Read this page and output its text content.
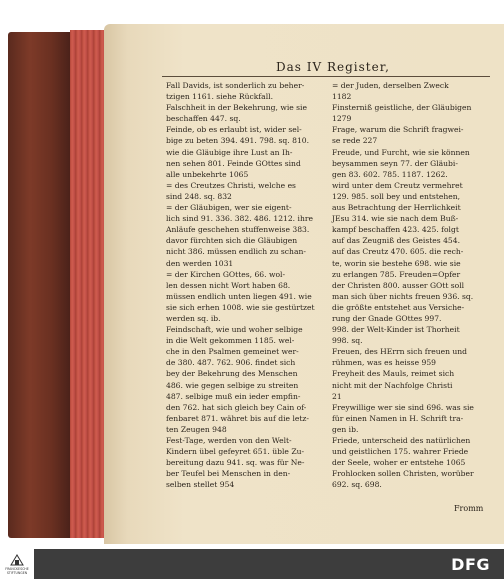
Das IV Register,

Fall Davids, ist sonderlich zu beher-

tzigen 1161. siehe Rückfall.

Falschheit in der Bekehrung, wie sie

beschaffen 447. sq.

Feinde, ob es erlaubt ist, wider sel-

bige zu beten 394. 491. 798. sq. 810.

wie die Gläubige ihre Lust an Ih-

nen sehen 801. Feinde GOttes sind

alle unbekehrte 1065

= des Creutzes Christi, welche es

sind 248. sq. 832

= der Gläubigen, wer sie eigent-

lich sind 91. 336. 382. 486. 1212. ihre

Anläufe geschehen stuffenweise 383.

davor fürchten sich die Gläubigen

nicht 386. müssen endlich zu schan-

den werden 1031

= der Kirchen GOttes, 66. wol-

len dessen nicht Wort haben 68.

müssen endlich unten liegen 491. wie

sie sich erhen 1008. wie sie gestürtzet

werden sq. ib.

Feindschaft, wie und woher selbige

in die Welt gekommen 1185. wel-

che in den Psalmen gemeinet wer-

de 380. 487. 762. 906. findet sich

bey der Bekehrung des Menschen

486. wie gegen selbige zu streiten

487. selbige muß ein ieder empfin-

den 762. hat sich gleich bey Cain of-

fenbaret 871. währet bis auf die letz-

ten Zeugen 948

Fest-Tage, werden von den Welt-

Kindern übel gefeyret 651. üble Zu-

bereitung dazu 941. sq. was für Ne-

ber Teufel bei Menschen in den-

selben stellet 954

= der Juden, derselben Zweck

1182

Finsterniß geistliche, der Gläubigen

1279

Frage, warum die Schrift fragwei-

se rede 227

Freude, und Furcht, wie sie können

beysammen seyn 77. der Gläubi-

gen 83. 602. 785. 1187. 1262.

wird unter dem Creutz vermehret

129. 985. soll bey und entstehen,

aus Betrachtung der Herrlichkeit

JEsu 314. wie sie nach dem Buß-

kampf beschaffen 423. 425. folgt

auf das Zeugniß des Geistes 454.

auf das Creutz 470. 605. die rech-

te, worin sie bestehe 698. wie sie

zu erlangen 785. Freuden=Opfer

der Christen 800. ausser GOtt soll

man sich über nichts freuen 936. sq.

die größte entstehet aus Versiche-

rung der Gnade GOttes 997.

998. der Welt-Kinder ist Thorheit

998. sq.

Freuen, des HErrn sich freuen und

rühmen, was es heisse 959

Freyheit des Mauls, reimet sich

nicht mit der Nachfolge Christi

21

Freywillige wer sie sind 696. was sie

für einen Namen in H. Schrift tra-

gen ib.

Friede, unterscheid des natürlichen

und geistlichen 175. wahrer Friede

der Seele, woher er entstehe 1065

Frohlocken sollen Christen, worüber

692. sq. 698.

Fromm
FRANCKESCHE STIFTUNGEN	DFG
